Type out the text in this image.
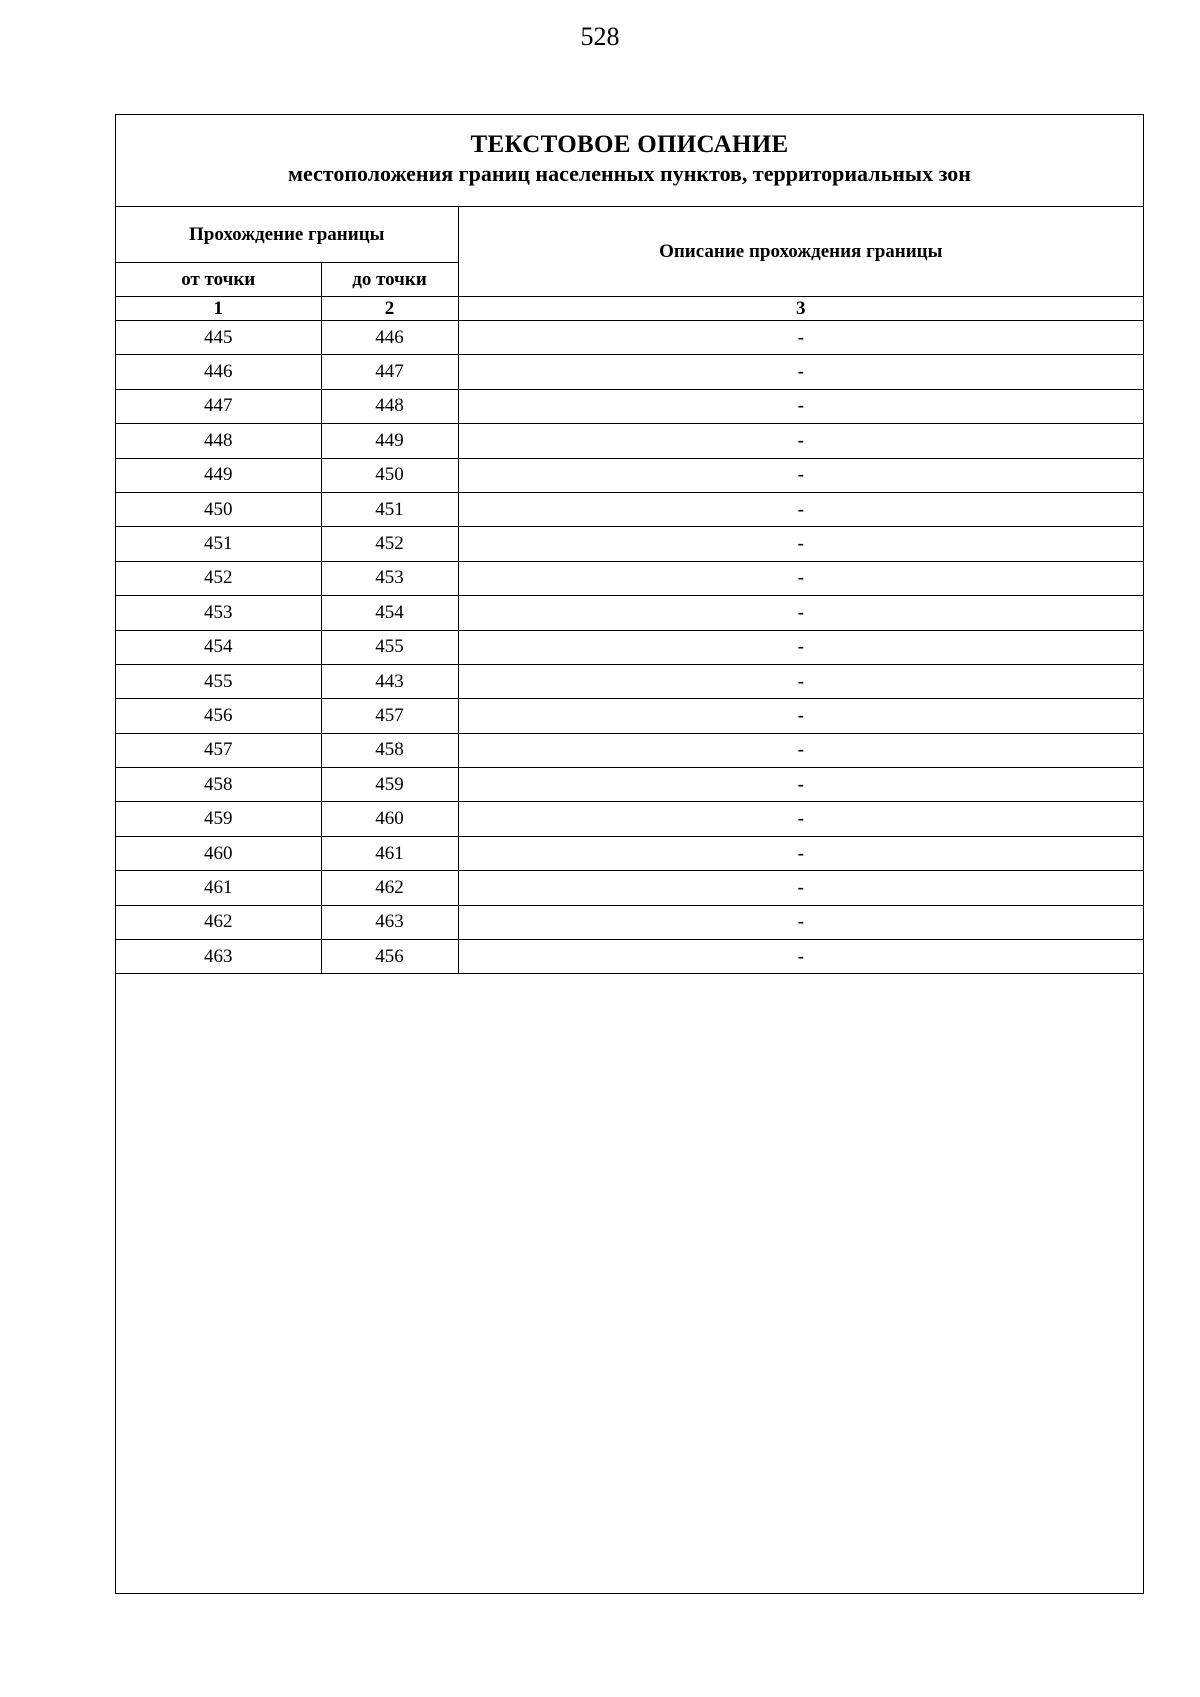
528
ТЕКСТОВОЕ ОПИСАНИЕ
местоположения границ населенных пунктов, территориальных зон
Прохождение границы		Описание прохождения границы
от точки	до точки	
1	2	3
445	446	-
446	447	-
447	448	-
448	449	-
449	450	-
450	451	-
451	452	-
452	453	-
453	454	-
454	455	-
455	443	-
456	457	-
457	458	-
458	459	-
459	460	-
460	461	-
461	462	-
462	463	-
463	456	-
